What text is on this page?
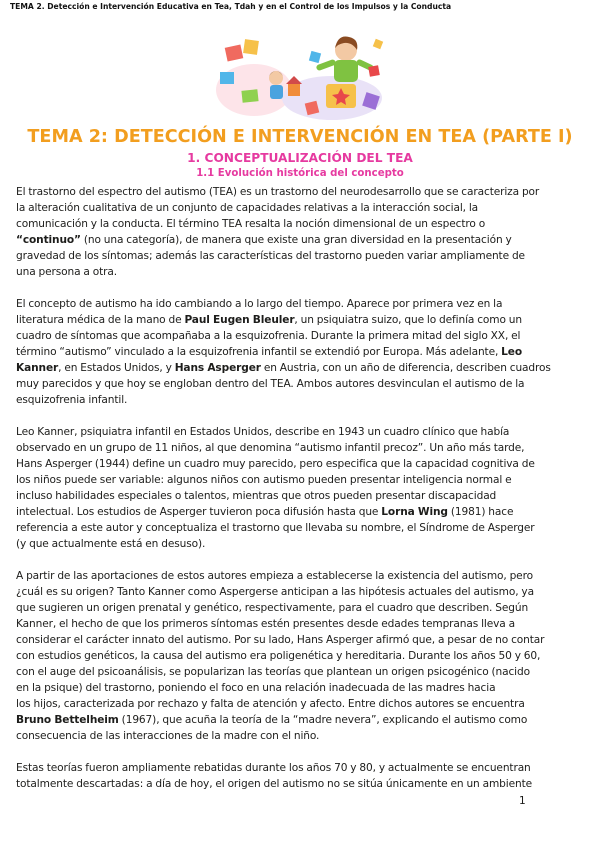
TEMA 2. Detección e Intervención Educativa en Tea, Tdah y en el Control de los Impulsos y la Conducta
TEMA 2: DETECCIÓN E INTERVENCIÓN EN TEA (PARTE I)
1. CONCEPTUALIZACIÓN DEL TEA
1.1 Evolución histórica del concepto
El trastorno del espectro del autismo (TEA) es un trastorno del neurodesarrollo que se caracteriza por
la alteración cualitativa de un conjunto de capacidades relativas a la interacción social, la
comunicación y la conducta. El término TEA resalta la noción dimensional de un espectro o
“continuo” (no una categoría), de manera que existe una gran diversidad en la presentación y
gravedad de los síntomas; además las características del trastorno pueden variar ampliamente de
una persona a otra.
El concepto de autismo ha ido cambiando a lo largo del tiempo. Aparece por primera vez en la
literatura médica de la mano de Paul Eugen Bleuler, un psiquiatra suizo, que lo definía como un
cuadro de síntomas que acompañaba a la esquizofrenia. Durante la primera mitad del siglo XX, el
término “autismo” vinculado a la esquizofrenia infantil se extendió por Europa. Más adelante, Leo
Kanner, en Estados Unidos, y Hans Asperger en Austria, con un año de diferencia, describen cuadros
muy parecidos y que hoy se engloban dentro del TEA. Ambos autores desvinculan el autismo de la
esquizofrenia infantil.
Leo Kanner, psiquiatra infantil en Estados Unidos, describe en 1943 un cuadro clínico que había
observado en un grupo de 11 niños, al que denomina “autismo infantil precoz”. Un año más tarde,
Hans Asperger (1944) define un cuadro muy parecido, pero especifica que la capacidad cognitiva de
los niños puede ser variable: algunos niños con autismo pueden presentar inteligencia normal e
incluso habilidades especiales o talentos, mientras que otros pueden presentar discapacidad
intelectual. Los estudios de Asperger tuvieron poca difusión hasta que Lorna Wing (1981) hace
referencia a este autor y conceptualiza el trastorno que llevaba su nombre, el Síndrome de Asperger
(y que actualmente está en desuso).
A partir de las aportaciones de estos autores empieza a establecerse la existencia del autismo, pero
¿cuál es su origen? Tanto Kanner como Aspergerse anticipan a las hipótesis actuales del autismo, ya
que sugieren un origen prenatal y genético, respectivamente, para el cuadro que describen. Según
Kanner, el hecho de que los primeros síntomas estén presentes desde edades tempranas lleva a
considerar el carácter innato del autismo. Por su lado, Hans Asperger afirmó que, a pesar de no contar
con estudios genéticos, la causa del autismo era poligenética y hereditaria. Durante los años 50 y 60,
con el auge del psicoanálisis, se popularizan las teorías que plantean un origen psicogénico (nacido
en la psique) del trastorno, poniendo el foco en una relación inadecuada de las madres hacia
los hijos, caracterizada por rechazo y falta de atención y afecto. Entre dichos autores se encuentra
Bruno Bettelheim (1967), que acuña la teoría de la “madre nevera”, explicando el autismo como
consecuencia de las interacciones de la madre con el niño.
Estas teorías fueron ampliamente rebatidas durante los años 70 y 80, y actualmente se encuentran
totalmente descartadas: a día de hoy, el origen del autismo no se sitúa únicamente en un ambiente
1
